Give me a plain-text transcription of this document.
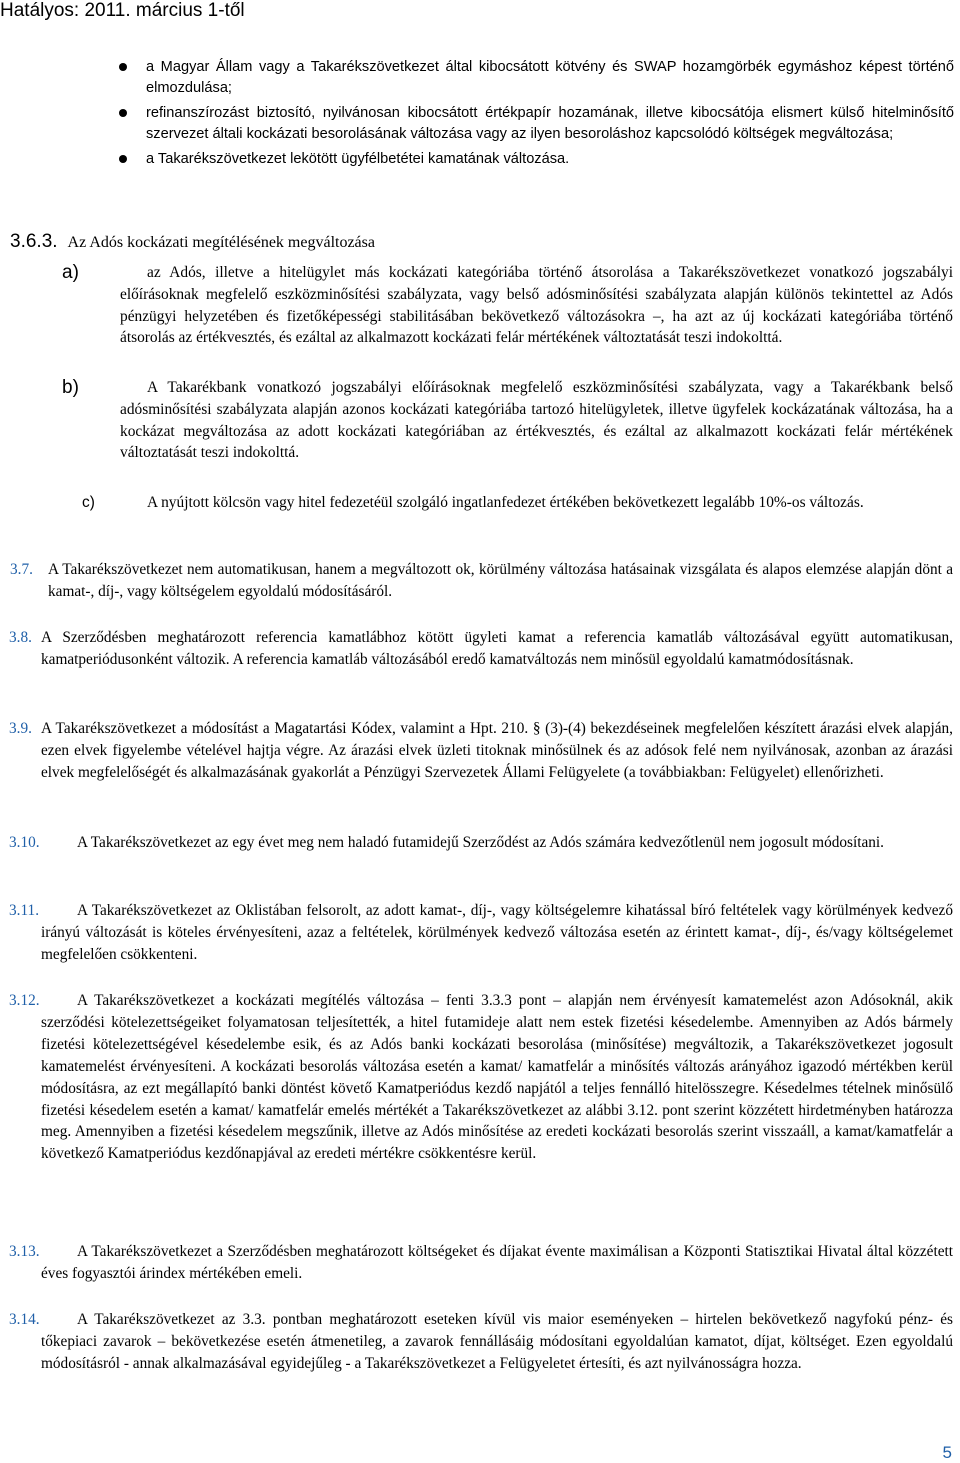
Hatályos: 2011. március 1-től
a Magyar Állam vagy a Takarékszövetkezet által kibocsátott kötvény és SWAP hozamgörbék egymáshoz képest történő elmozdulása;
refinanszírozást biztosító, nyilvánosan kibocsátott értékpapír hozamának, illetve kibocsátója elismert külső hitelminősítő szervezet általi kockázati besorolásának változása vagy az ilyen besoroláshoz kapcsolódó költségek megváltozása;
a Takarékszövetkezet lekötött ügyfélbetétei kamatának változása.
3.6.3. Az Adós kockázati megítélésének megváltozása
a)	az Adós, illetve a hitelügylet más kockázati kategóriába történő átsorolása a Takarékszövetkezet vonatkozó jogszabályi előírásoknak megfelelő eszközminősítési szabályzata, vagy belső adósminősítési szabályzata alapján különös tekintettel az Adós pénzügyi helyzetében és fizetőképességi stabilitásában bekövetkező változásokra –, ha azt az új kockázati kategóriába történő átsorolás az értékvesztés, és ezáltal az alkalmazott kockázati felár mértékének változtatását teszi indokolttá.
b)	A Takarékbank vonatkozó jogszabályi előírásoknak megfelelő eszközminősítési szabályzata, vagy a Takarékbank belső adósminősítési szabályzata alapján azonos kockázati kategóriába tartozó hitelügyletek, illetve ügyfelek kockázatának változása, ha a kockázat megváltozása az adott kockázati kategóriában az értékvesztés, és ezáltal az alkalmazott kockázati felár mértékének változtatását teszi indokolttá.
c)	A nyújtott kölcsön vagy hitel fedezetéül szolgáló ingatlanfedezet értékében bekövetkezett legalább 10%-os változás.
3.7. A Takarékszövetkezet nem automatikusan, hanem a megváltozott ok, körülmény változása hatásainak vizsgálata és alapos elemzése alapján dönt a kamat-, díj-, vagy költségelem egyoldalú módosításáról.
3.8. A Szerződésben meghatározott referencia kamatlábhoz kötött ügyleti kamat a referencia kamatláb változásával együtt automatikusan, kamatperiódusonként változik. A referencia kamatláb változásából eredő kamatváltozás nem minősül egyoldalú kamatmódosításnak.
3.9. A Takarékszövetkezet a módosítást a Magatartási Kódex, valamint a Hpt. 210. § (3)-(4) bekezdéseinek megfelelően készített árazási elvek alapján, ezen elvek figyelembe vételével hajtja végre. Az árazási elvek üzleti titoknak minősülnek és az adósok felé nem nyilvánosak, azonban az árazási elvek megfelelőségét és alkalmazásának gyakorlát a Pénzügyi Szervezetek Állami Felügyelete (a továbbiakban: Felügyelet) ellenőrizheti.
3.10. A Takarékszövetkezet az egy évet meg nem haladó futamidejű Szerződést az Adós számára kedvezőtlenül nem jogosult módosítani.
3.11. A Takarékszövetkezet az Oklistában felsorolt, az adott kamat-, díj-, vagy költségelemre kihatással bíró feltételek vagy körülmények kedvező irányú változását is köteles érvényesíteni, azaz a feltételek, körülmények kedvező változása esetén az érintett kamat-, díj-, és/vagy költségelemet megfelelően csökkenteni.
3.12. A Takarékszövetkezet a kockázati megítélés változása – fenti 3.3.3 pont – alapján nem érvényesít kamatemelést azon Adósoknál, akik szerződési kötelezettségeiket folyamatosan teljesítették, a hitel futamideje alatt nem estek fizetési késedelembe. Amennyiben az Adós bármely fizetési kötelezettségével késedelembe esik, és az Adós banki kockázati besorolása (minősítése) megváltozik, a Takarékszövetkezet jogosult kamatemelést érvényesíteni. A kockázati besorolás változása esetén a kamat/ kamatfelár a minősítés változás arányához igazodó mértékben kerül módosításra, az ezt megállapító banki döntést követő Kamatperiódus kezdő napjától a teljes fennálló hitelösszegre. Késedelmes tételnek minősülő fizetési késedelem esetén a kamat/ kamatfelár emelés mértékét a Takarékszövetkezet az alábbi 3.12. pont szerint közzétett hirdetményben határozza meg. Amennyiben a fizetési késedelem megszűnik, illetve az Adós minősítése az eredeti kockázati besorolás szerint visszaáll, a kamat/kamatfelár a következő Kamatperiódus kezdőnapjával az eredeti mértékre csökkentésre kerül.
3.13. A Takarékszövetkezet a Szerződésben meghatározott költségeket és díjakat évente maximálisan a Központi Statisztikai Hivatal által közzétett éves fogyasztói árindex mértékében emeli.
3.14. A Takarékszövetkezet az 3.3. pontban meghatározott eseteken kívül vis maior eseményeken – hirtelen bekövetkező nagyfokú pénz- és tőkepiaci zavarok – bekövetkezése esetén átmenetileg, a zavarok fennállásáig módosítani egyoldalúan kamatot, díjat, költséget. Ezen egyoldalú módosításról - annak alkalmazásával egyidejűleg - a Takarékszövetkezet a Felügyeletet értesíti, és azt nyilvánosságra hozza.
5
